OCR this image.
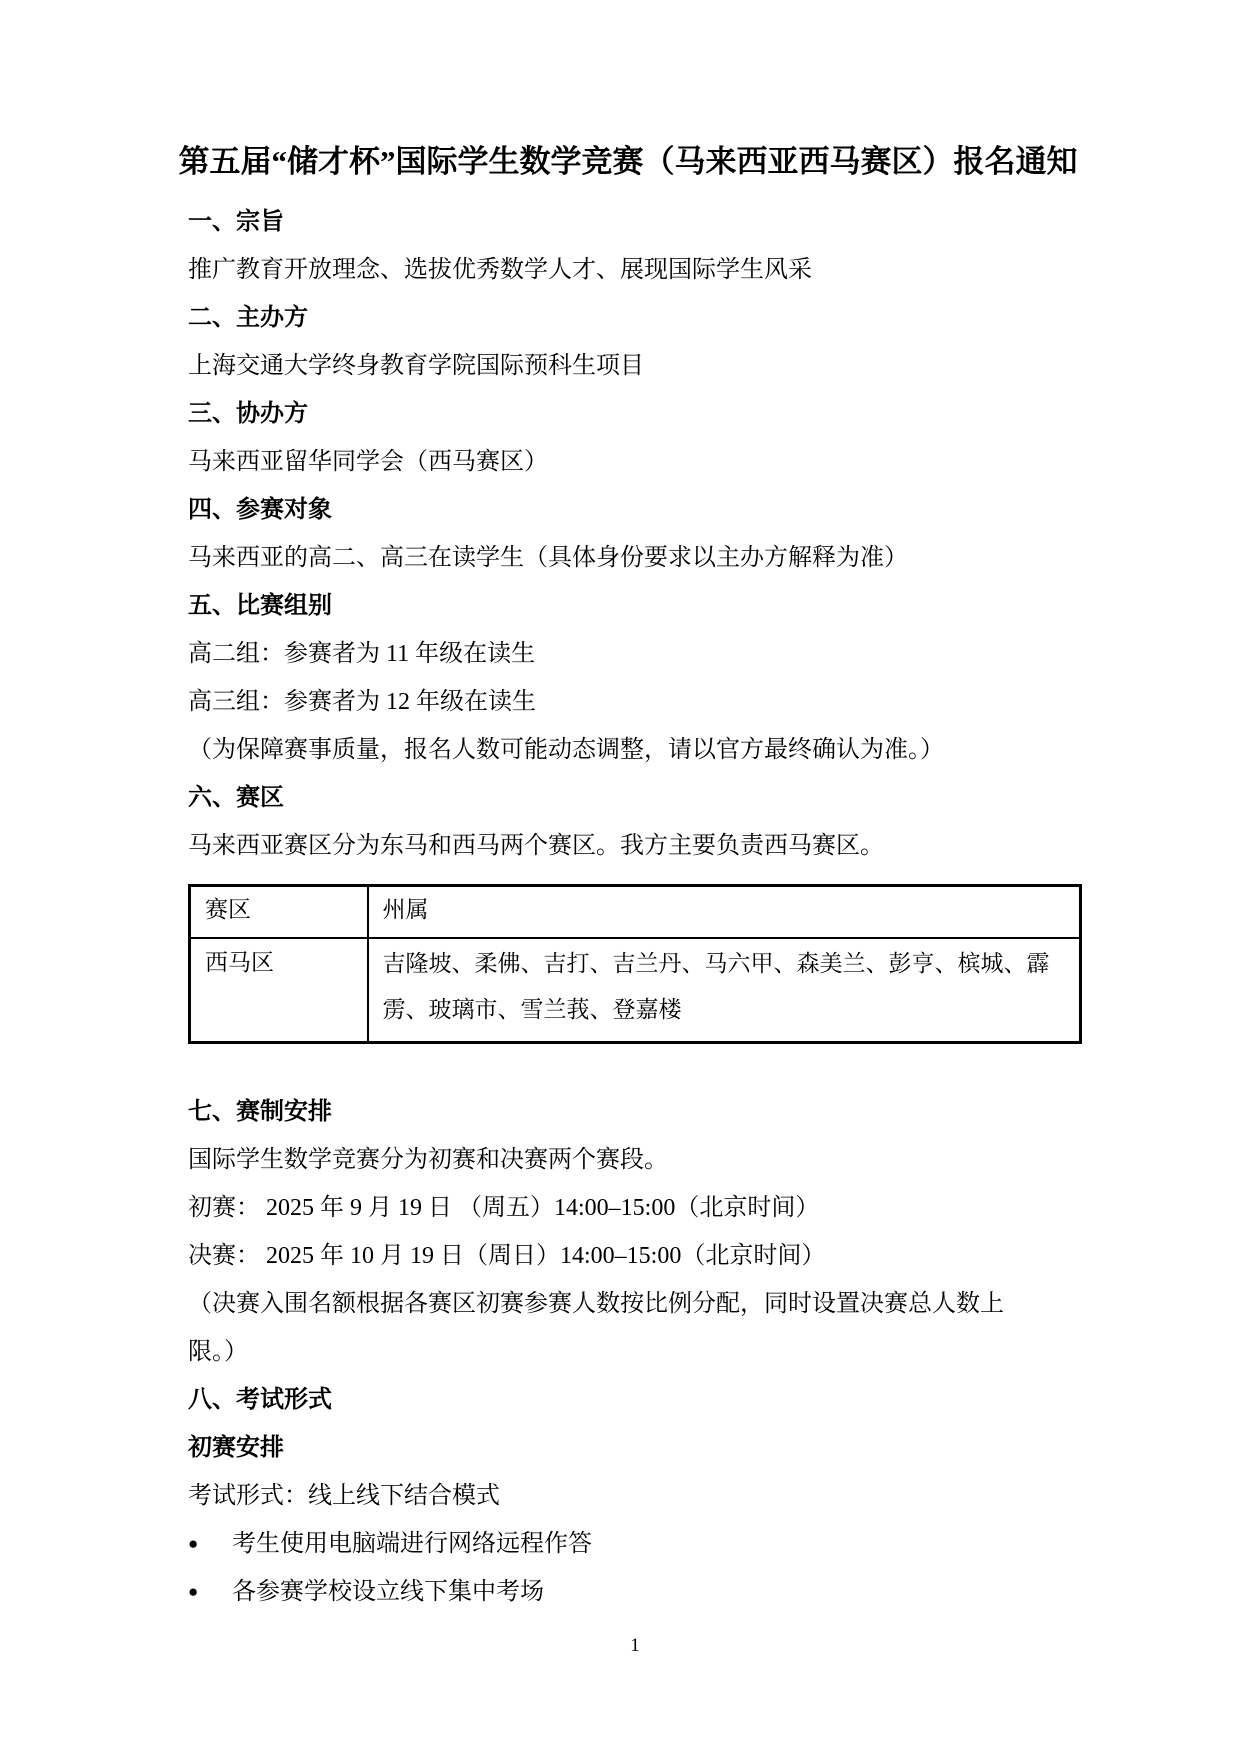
第五届“储才杯”国际学生数学竞赛（马来西亚西马赛区）报名通知

一、宗旨

推广教育开放理念、选拔优秀数学人才、展现国际学生风采

二、主办方

上海交通大学终身教育学院国际预科生项目

三、协办方

马来西亚留华同学会（西马赛区）

四、参赛对象

马来西亚的高二、高三在读学生（具体身份要求以主办方解释为准）

五、比赛组别

高二组：参赛者为 11 年级在读生

高三组：参赛者为 12 年级在读生

（为保障赛事质量，报名人数可能动态调整，请以官方最终确认为准。）

六、赛区

马来西亚赛区分为东马和西马两个赛区。我方主要负责西马赛区。

赛区	州属
西马区	吉隆坡、柔佛、吉打、吉兰丹、马六甲、森美兰、彭亨、槟城、霹雳、玻璃市、雪兰莪、登嘉楼

七、赛制安排

国际学生数学竞赛分为初赛和决赛两个赛段。

初赛： 2025 年 9 月 19 日 （周五）14:00–15:00（北京时间）

决赛： 2025 年 10 月 19 日（周日）14:00–15:00（北京时间）

（决赛入围名额根据各赛区初赛参赛人数按比例分配，同时设置决赛总人数上

限。）

八、考试形式

初赛安排

考试形式：线上线下结合模式

●	考生使用电脑端进行网络远程作答

●	各参赛学校设立线下集中考场

1
